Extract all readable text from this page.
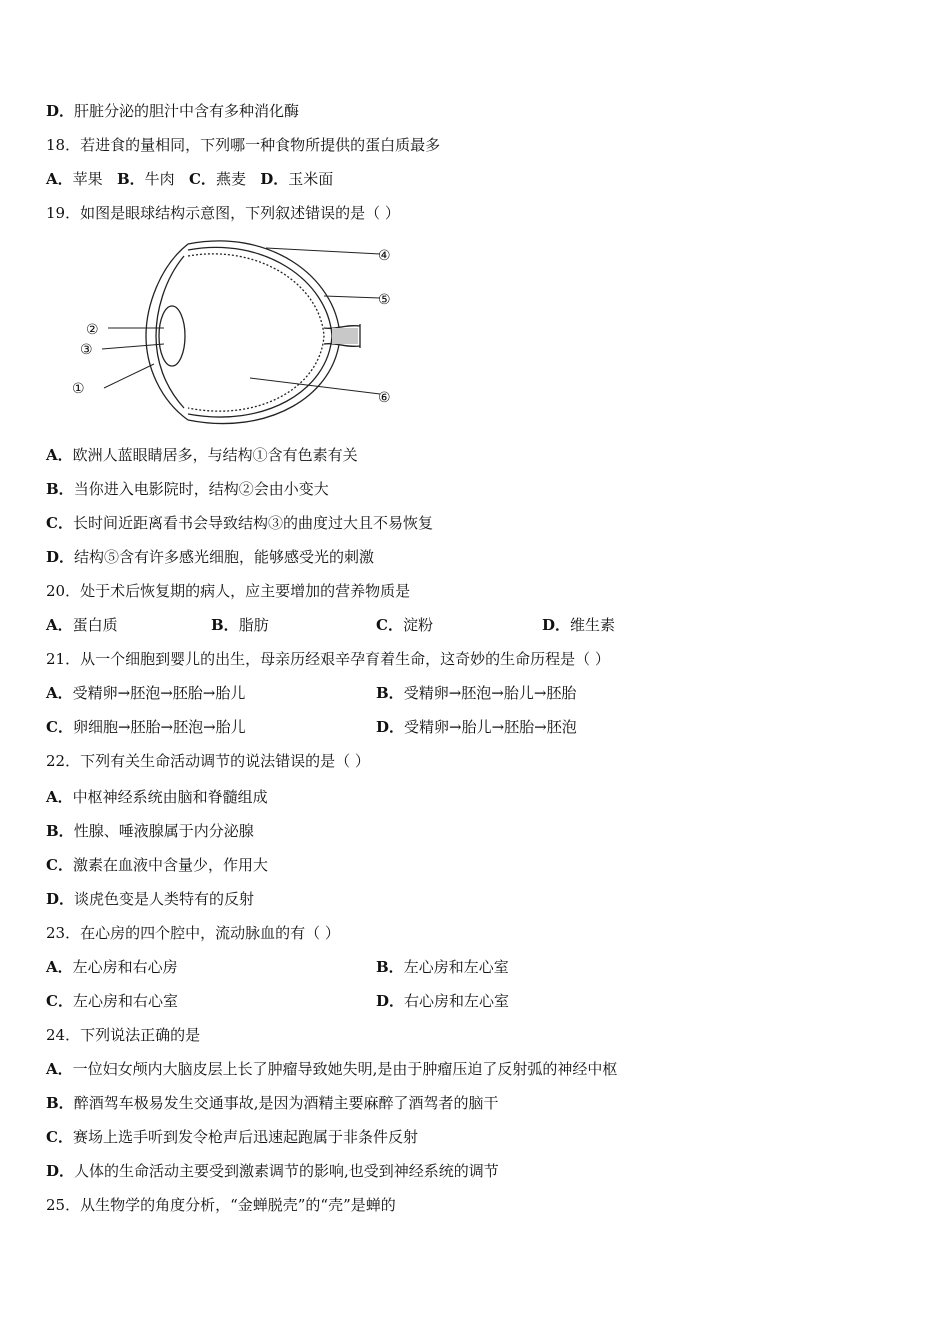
D．肝脏分泌的胆汁中含有多种消化酶
18．若进食的量相同，下列哪一种食物所提供的蛋白质最多
A．苹果 B．牛肉 C．燕麦 D．玉米面
19．如图是眼球结构示意图，下列叙述错误的是（ ）
①
②
③
④
⑤
⑥
A．欧洲人蓝眼睛居多，与结构①含有色素有关
B．当你进入电影院时，结构②会由小变大
C．长时间近距离看书会导致结构③的曲度过大且不易恢复
D．结构⑤含有许多感光细胞，能够感受光的刺激
20．处于术后恢复期的病人，应主要增加的营养物质是
A．蛋白质	B．脂肪	C．淀粉	D．维生素
21．从一个细胞到婴儿的出生，母亲历经艰辛孕育着生命，这奇妙的生命历程是（ ）
A．受精卵→胚泡→胚胎→胎儿	B．受精卵→胚泡→胎儿→胚胎
C．卵细胞→胚胎→胚泡→胎儿	D．受精卵→胎儿→胚胎→胚泡
22．下列有关生命活动调节的说法错误的是（ ）
A．中枢神经系统由脑和脊髓组成
B．性腺、唾液腺属于内分泌腺
C．激素在血液中含量少，作用大
D．谈虎色变是人类特有的反射
23．在心房的四个腔中，流动脉血的有（ ）
A．左心房和右心房	B．左心房和左心室
C．左心房和右心室	D．右心房和左心室
24．下列说法正确的是
A．一位妇女颅内大脑皮层上长了肿瘤导致她失明,是由于肿瘤压迫了反射弧的神经中枢
B．醉酒驾车极易发生交通事故,是因为酒精主要麻醉了酒驾者的脑干
C．赛场上选手听到发令枪声后迅速起跑属于非条件反射
D．人体的生命活动主要受到激素调节的影响,也受到神经系统的调节
25．从生物学的角度分析，“金蝉脱壳”的“壳”是蝉的
